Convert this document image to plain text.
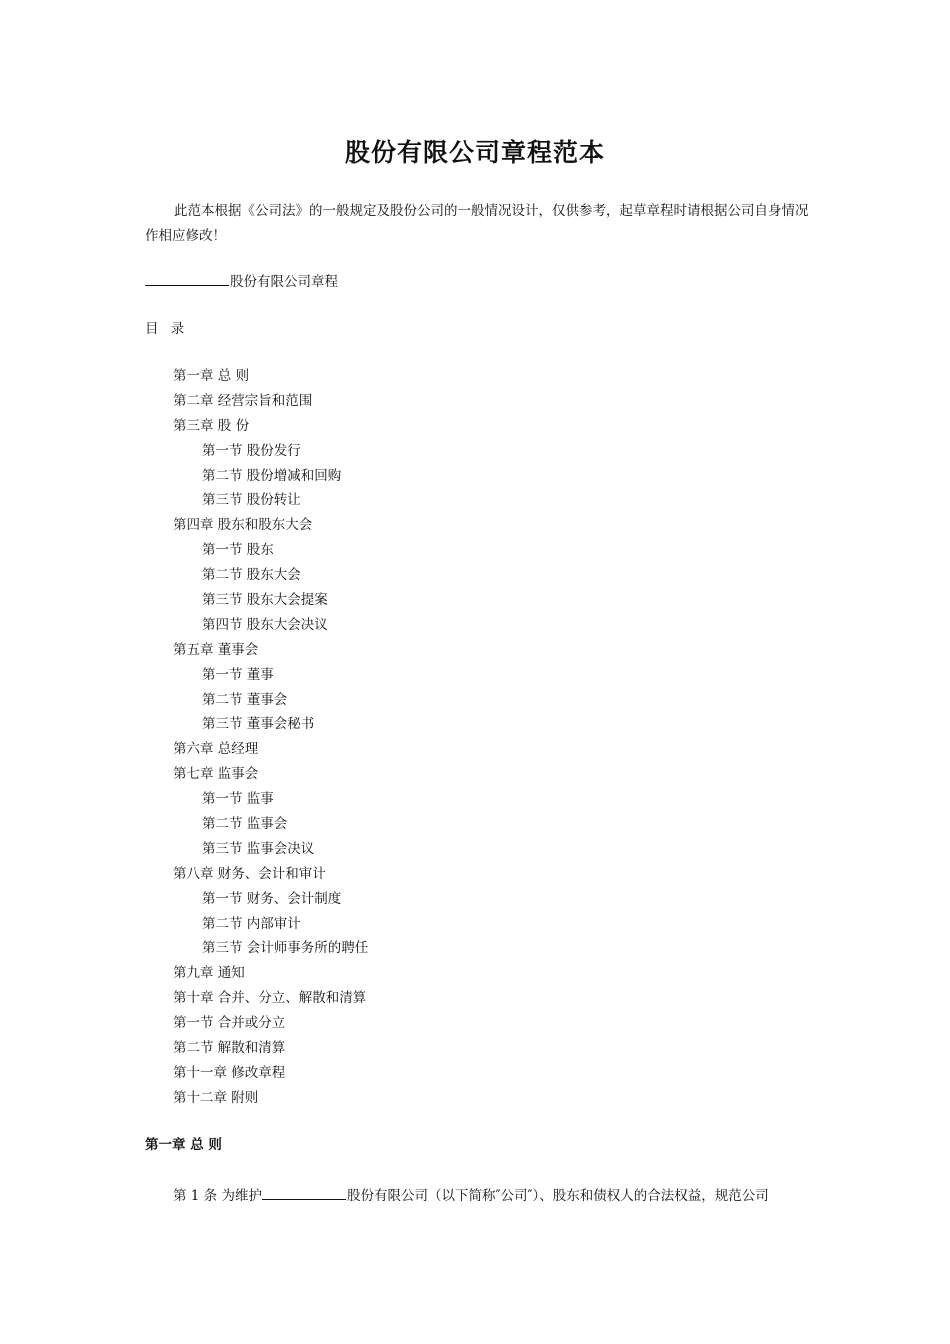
股份有限公司章程范本
此范本根据《公司法》的一般规定及股份公司的一般情况设计，仅供参考，起草章程时请根据公司自身情况作相应修改！
股份有限公司章程
目 录
第一章 总 则
第二章 经营宗旨和范围
第三章 股 份
第一节 股份发行
第二节 股份增减和回购
第三节 股份转让
第四章 股东和股东大会
第一节 股东
第二节 股东大会
第三节 股东大会提案
第四节 股东大会决议
第五章 董事会
第一节 董事
第二节 董事会
第三节 董事会秘书
第六章 总经理
第七章 监事会
第一节 监事
第二节 监事会
第三节 监事会决议
第八章 财务、会计和审计
第一节 财务、会计制度
第二节 内部审计
第三节 会计师事务所的聘任
第九章 通知
第十章 合并、分立、解散和清算
第一节 合并或分立
第二节 解散和清算
第十一章 修改章程
第十二章 附则
第一章 总 则
第 1 条 为维护	股份有限公司（以下简称″公司″）、股东和债权人的合法权益，规范公司
